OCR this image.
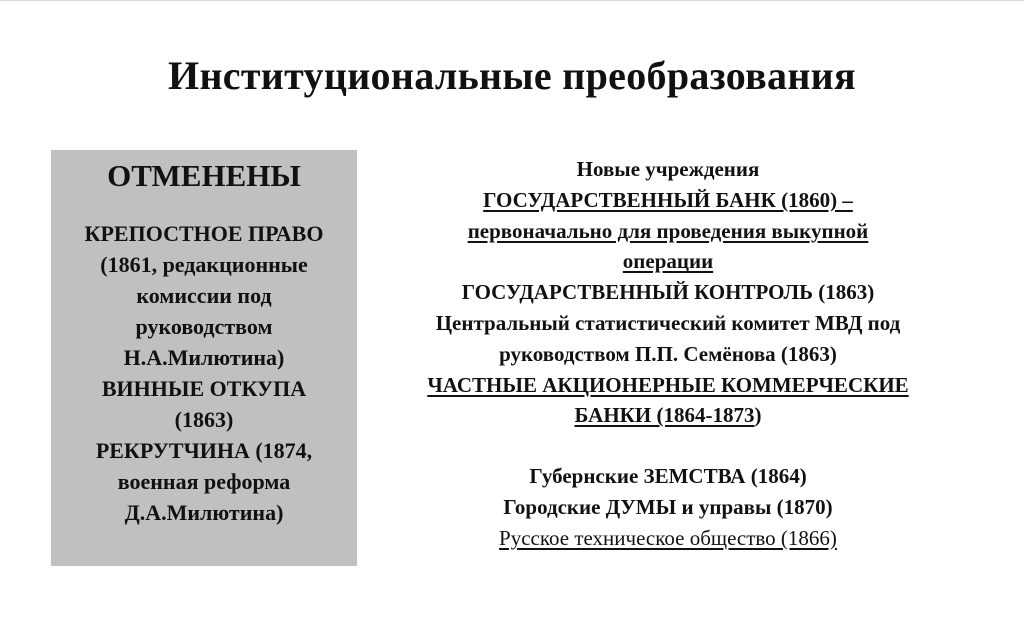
Институциональные преобразования
ОТМЕНЕНЫ
КРЕПОСТНОЕ ПРАВО
(1861, редакционные
комиссии под
руководством
Н.А.Милютина)
ВИННЫЕ ОТКУПА
(1863)
РЕКРУТЧИНА (1874,
военная реформа
Д.А.Милютина)
Новые учреждения
ГОСУДАРСТВЕННЫЙ БАНК (1860) –
первоначально для проведения выкупной
операции
ГОСУДАРСТВЕННЫЙ КОНТРОЛЬ (1863)
Центральный статистический комитет МВД под
руководством П.П. Семёнова (1863)
ЧАСТНЫЕ АКЦИОНЕРНЫЕ КОММЕРЧЕСКИЕ
БАНКИ (1864-1873)
Губернские ЗЕМСТВА (1864)
Городские ДУМЫ и управы (1870)
Русское техническое общество (1866)
